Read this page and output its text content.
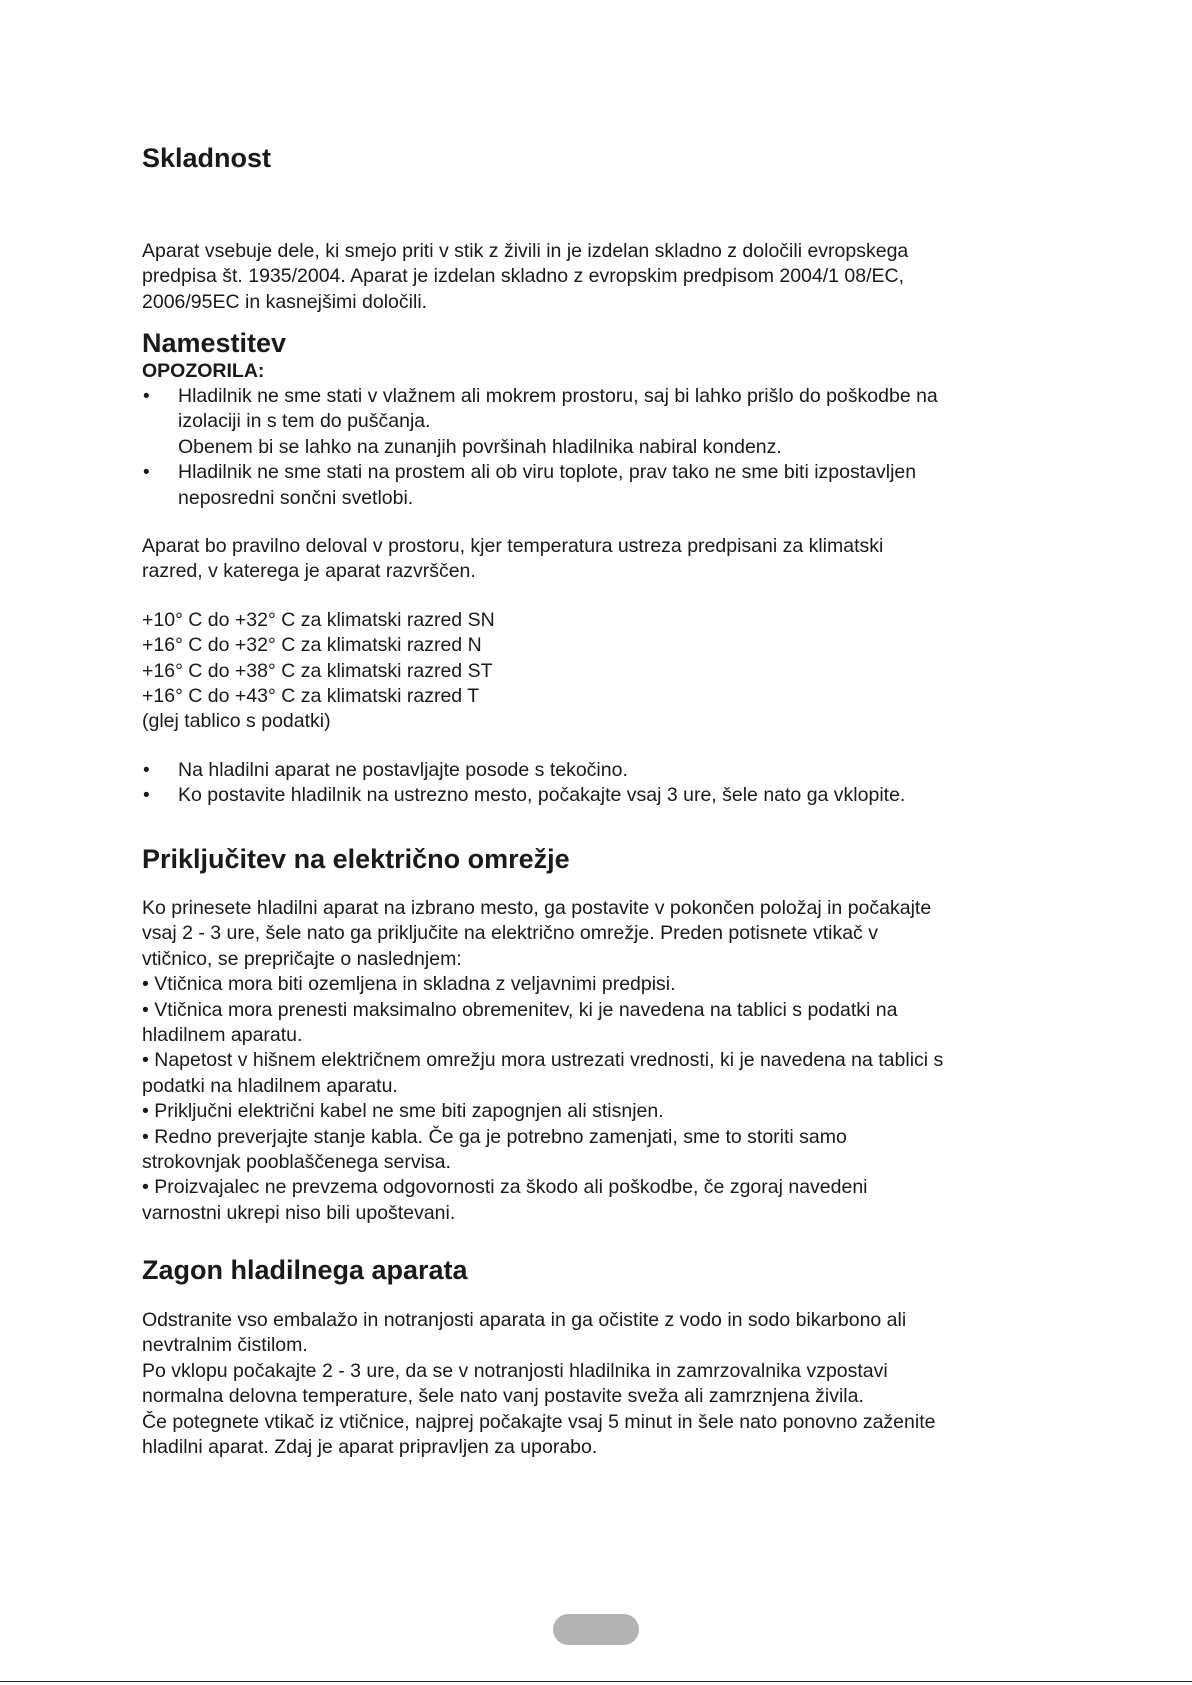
Skladnost

Aparat vsebuje dele, ki smejo priti v stik z živili in je izdelan skladno z določili evropskega

predpisa št. 1935/2004. Aparat je izdelan skladno z evropskim predpisom 2004/1 08/EC,

2006/95EC in kasnejšimi določili.

Namestitev

OPOZORILA:

• Hladilnik ne sme stati v vlažnem ali mokrem prostoru, saj bi lahko prišlo do poškodbe na
izolaciji in s tem do puščanja.
Obenem bi se lahko na zunanjih površinah hladilnika nabiral kondenz.
• Hladilnik ne sme stati na prostem ali ob viru toplote, prav tako ne sme biti izpostavljen
neposredni sončni svetlobi.

Aparat bo pravilno deloval v prostoru, kjer temperatura ustreza predpisani za klimatski

razred, v katerega je aparat razvrščen.

+10° C do +32° C za klimatski razred SN

+16° C do +32° C za klimatski razred N

+16° C do +38° C za klimatski razred ST

+16° C do +43° C za klimatski razred T

(glej tablico s podatki)

• Na hladilni aparat ne postavljajte posode s tekočino.
• Ko postavite hladilnik na ustrezno mesto, počakajte vsaj 3 ure, šele nato ga vklopite.
Priključitev na električno omrežje

Ko prinesete hladilni aparat na izbrano mesto, ga postavite v pokončen položaj in počakajte

vsaj 2 - 3 ure, šele nato ga priključite na električno omrežje. Preden potisnete vtikač v

vtičnico, se prepričajte o naslednjem:

• Vtičnica mora biti ozemljena in skladna z veljavnimi predpisi.

• Vtičnica mora prenesti maksimalno obremenitev, ki je navedena na tablici s podatki na

hladilnem aparatu.

• Napetost v hišnem električnem omrežju mora ustrezati vrednosti, ki je navedena na tablici s

podatki na hladilnem aparatu.

• Priključni električni kabel ne sme biti zapognjen ali stisnjen.

• Redno preverjajte stanje kabla. Če ga je potrebno zamenjati, sme to storiti samo

strokovnjak pooblaščenega servisa.

• Proizvajalec ne prevzema odgovornosti za škodo ali poškodbe, če zgoraj navedeni

varnostni ukrepi niso bili upoštevani.

Zagon hladilnega aparata

Odstranite vso embalažo in notranjosti aparata in ga očistite z vodo in sodo bikarbono ali

nevtralnim čistilom.

Po vklopu počakajte 2 - 3 ure, da se v notranjosti hladilnika in zamrzovalnika vzpostavi

normalna delovna temperature, šele nato vanj postavite sveža ali zamrznjena živila.

Če potegnete vtikač iz vtičnice, najprej počakajte vsaj 5 minut in šele nato ponovno zaženite

hladilni aparat. Zdaj je aparat pripravljen za uporabo.
